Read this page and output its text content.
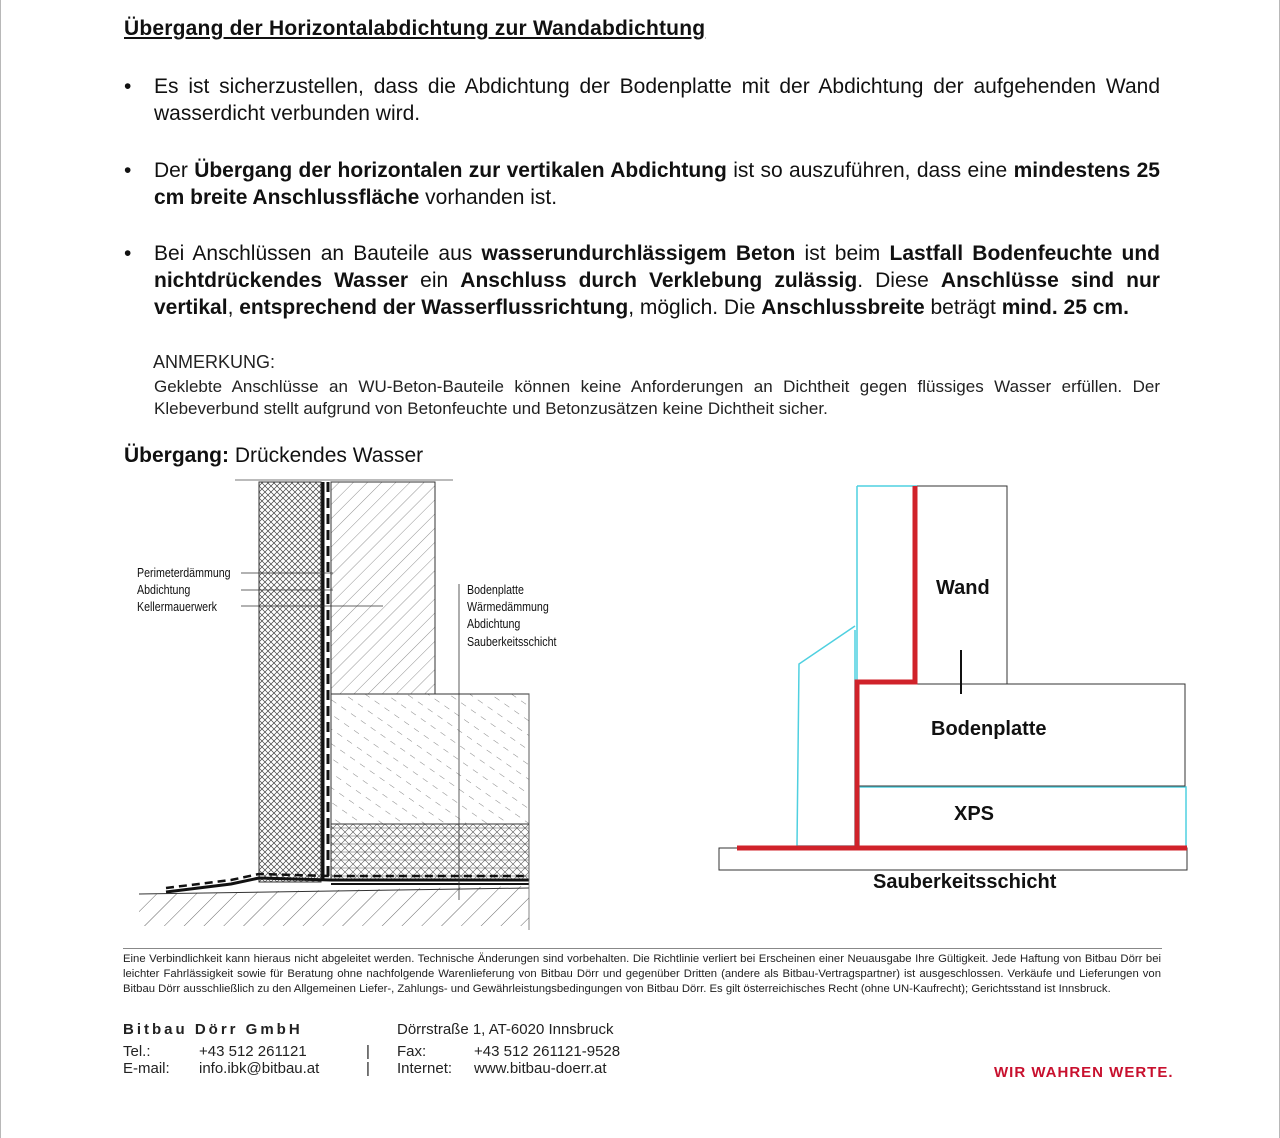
Übergang der Horizontalabdichtung zur Wandabdichtung
• Es ist sicherzustellen, dass die Abdichtung der Bodenplatte mit der Abdichtung der aufgehenden Wand wasserdicht verbunden wird.
• Der Übergang der horizontalen zur vertikalen Abdichtung ist so auszuführen, dass eine mindestens 25 cm breite Anschlussfläche vorhanden ist.
• Bei Anschlüssen an Bauteile aus wasserundurchlässigem Beton ist beim Lastfall Bodenfeuchte und nichtdrückendes Wasser ein Anschluss durch Verklebung zulässig. Diese Anschlüsse sind nur vertikal, entsprechend der Wasserflussrichtung, möglich. Die Anschlussbreite beträgt mind. 25 cm.
ANMERKUNG:
Geklebte Anschlüsse an WU-Beton-Bauteile können keine Anforderungen an Dichtheit gegen flüssiges Wasser erfüllen. Der Klebeverbund stellt aufgrund von Betonfeuchte und Betonzusätzen keine Dichtheit sicher.
Übergang: Drückendes Wasser
Perimeterdämmung
Abdichtung
Kellermauerwerk
Bodenplatte
Wärmedämmung
Abdichtung
Sauberkeitsschicht
Wand
Bodenplatte
XPS
Sauberkeitsschicht
Eine Verbindlichkeit kann hieraus nicht abgeleitet werden. Technische Änderungen sind vorbehalten. Die Richtlinie verliert bei Erscheinen einer Neuausgabe Ihre Gültigkeit. Jede Haftung von Bitbau Dörr bei leichter Fahrlässigkeit sowie für Beratung ohne nachfolgende Warenlieferung von Bitbau Dörr und gegenüber Dritten (andere als Bitbau-Vertragspartner) ist ausgeschlossen. Verkäufe und Lieferungen von Bitbau Dörr ausschließlich zu den Allgemeinen Liefer-, Zahlungs- und Gewährleistungsbedingungen von Bitbau Dörr. Es gilt österreichisches Recht (ohne UN-Kaufrecht); Gerichtsstand ist Innsbruck.
Bitbau Dörr GmbH	Dörrstraße 1, AT-6020 Innsbruck
Tel.:	+43 512 261121	| Fax:	+43 512 261121-9528
E-mail: info.ibk@bitbau.at	| Internet: www.bitbau-doerr.at	WIR WAHREN WERTE.
